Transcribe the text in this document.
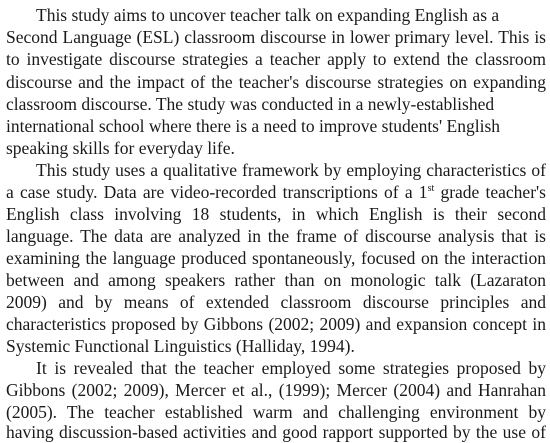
This study aims to uncover teacher talk on expanding English as a
Second Language (ESL) classroom discourse in lower primary level. This is
to investigate discourse strategies a teacher apply to extend the classroom
discourse and the impact of the teacher's discourse strategies on expanding
classroom discourse. The study was conducted in a newly-established
international school where there is a need to improve students' English
speaking skills for everyday life.
This study uses a qualitative framework by employing characteristics of
a case study. Data are video-recorded transcriptions of a 1st grade teacher's
English class involving 18 students, in which English is their second
language. The data are analyzed in the frame of discourse analysis that is
examining the language produced spontaneously, focused on the interaction
between and among speakers rather than on monologic talk (Lazaraton
2009) and by means of extended classroom discourse principles and
characteristics proposed by Gibbons (2002; 2009) and expansion concept in
Systemic Functional Linguistics (Halliday, 1994).
It is revealed that the teacher employed some strategies proposed by
Gibbons (2002; 2009), Mercer et al., (1999); Mercer (2004) and Hanrahan
(2005). The teacher established warm and challenging environment by
having discussion-based activities and good rapport supported by the use of
